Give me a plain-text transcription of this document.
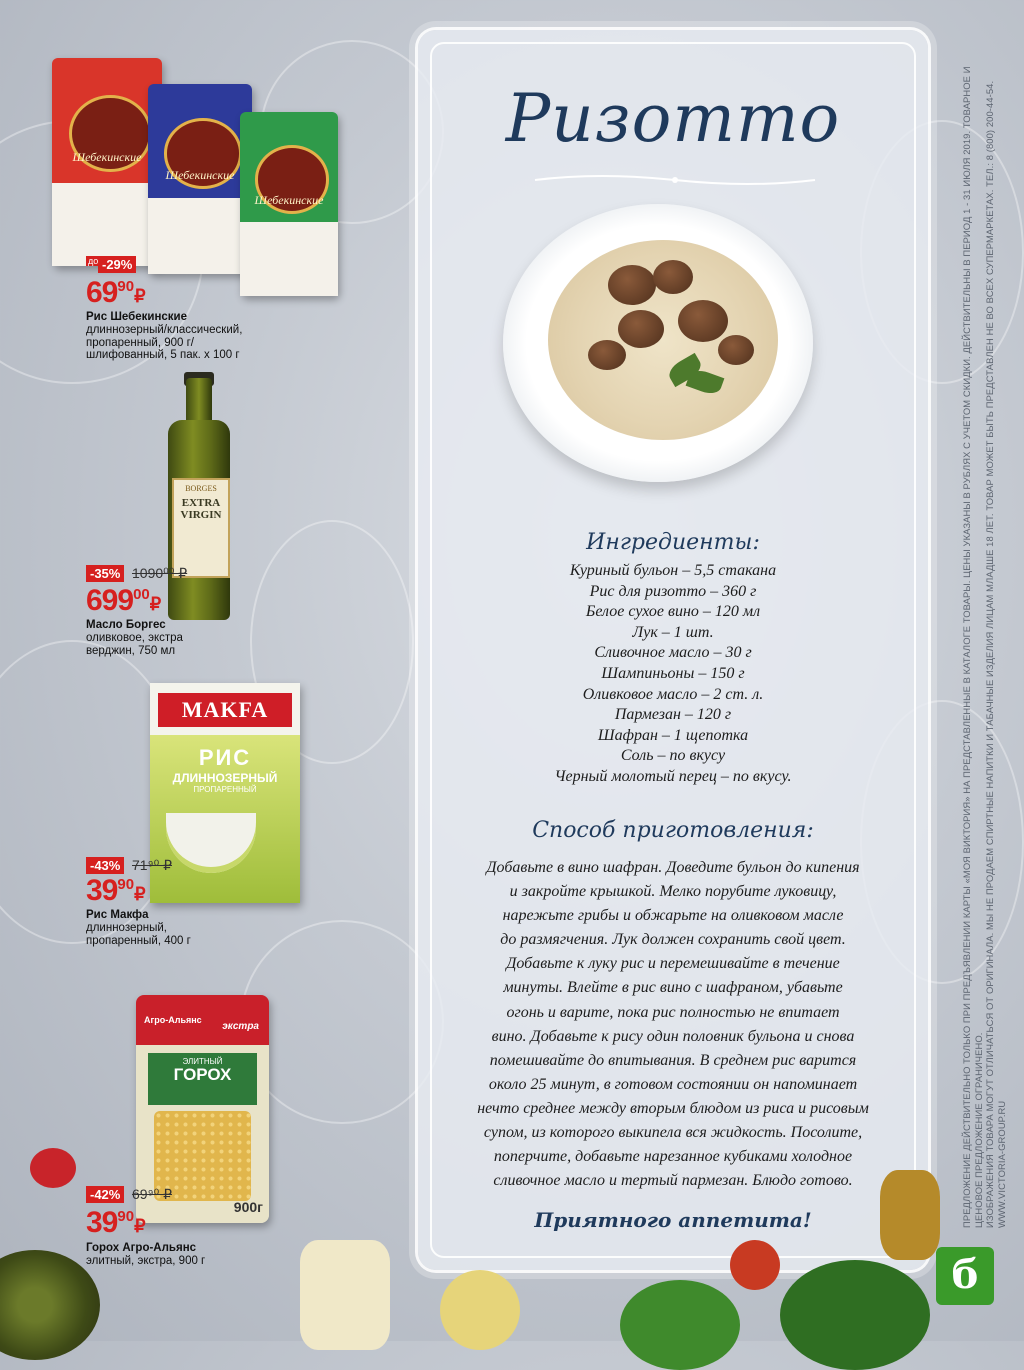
Ризотто
Ингредиенты:
Куриный бульон – 5,5 стакана
Рис для ризотто – 360 г
Белое сухое вино – 120 мл
Лук – 1 шт.
Сливочное масло – 30 г
Шампиньоны – 150 г
Оливковое масло – 2 ст. л.
Пармезан – 120 г
Шафран – 1 щепотка
Соль – по вкусу
Черный молотый перец – по вкусу.
Способ приготовления:
Добавьте в вино шафран. Доведите бульон до кипения
и закройте крышкой. Мелко порубите луковицу,
нарежьте грибы и обжарьте на оливковом масле
до размягчения. Лук должен сохранить свой цвет.
Добавьте к луку рис и перемешивайте в течение
минуты. Влейте в рис вино с шафраном, убавьте
огонь и варите, пока рис полностью не впитает
вино. Добавьте к рису один половник бульона и снова
помешивайте до впитывания. В среднем рис варится
около 25 минут, в готовом состоянии он напоминает
нечто среднее между вторым блюдом из риса и рисовым
супом, из которого выкипела вся жидкость. Посолите,
поперчите, добавьте нарезанное кубиками холодное
сливочное масло и тертый пармезан. Блюдо готово.
Приятного аппетита!
Шебекинские
Шебекинские
Шебекинские
до -29%
6990₽
Рис Шебекинские
длиннозерный/классический,
пропаренный, 900 г/
шлифованный, 5 пак. х 100 г
BORGES
EXTRA VIRGIN
-35% 1090⁰⁰ ₽
69900₽
Масло Боргес
оливковое, экстра
верджин, 750 мл
MAKFA
РИС
ДЛИННОЗЕРНЫЙ
ПРОПАРЕННЫЙ
-43% 71⁹⁰ ₽
3990₽
Рис Макфа
длиннозерный,
пропаренный, 400 г
Агро-Альянс
экстра
ЭЛИТНЫЙ
ГОРОХ
900г
-42% 69⁹⁰ ₽
3990₽
Горох Агро-Альянс
элитный, экстра, 900 г
ПРЕДЛОЖЕНИЕ ДЕЙСТВИТЕЛЬНО ТОЛЬКО ПРИ ПРЕДЪЯВЛЕНИИ КАРТЫ «МОЯ ВИКТОРИЯ» НА ПРЕДСТАВЛЕННЫЕ В КАТАЛОГЕ ТОВАРЫ. ЦЕНЫ УКАЗАНЫ В РУБЛЯХ С УЧЕТОМ СКИДКИ. ДЕЙСТВИТЕЛЬНЫ В ПЕРИОД 1 - 31 ИЮЛЯ 2019. ТОВАРНОЕ И ЦЕНОВОЕ ПРЕДЛОЖЕНИЕ ОГРАНИЧЕНО. ИЗОБРАЖЕНИЯ ТОВАРА МОГУТ ОТЛИЧАТЬСЯ ОТ ОРИГИНАЛА. МЫ НЕ ПРОДАЕМ СПИРТНЫЕ НАПИТКИ И ТАБАЧНЫЕ ИЗДЕЛИЯ ЛИЦАМ МЛАДШЕ 18 ЛЕТ. ТОВАР МОЖЕТ БЫТЬ ПРЕДСТАВЛЕН НЕ ВО ВСЕХ СУПЕРМАРКЕТАХ. ТЕЛ.: 8 (800) 200-44-54. WWW.VICTORIA-GROUP.RU
б
